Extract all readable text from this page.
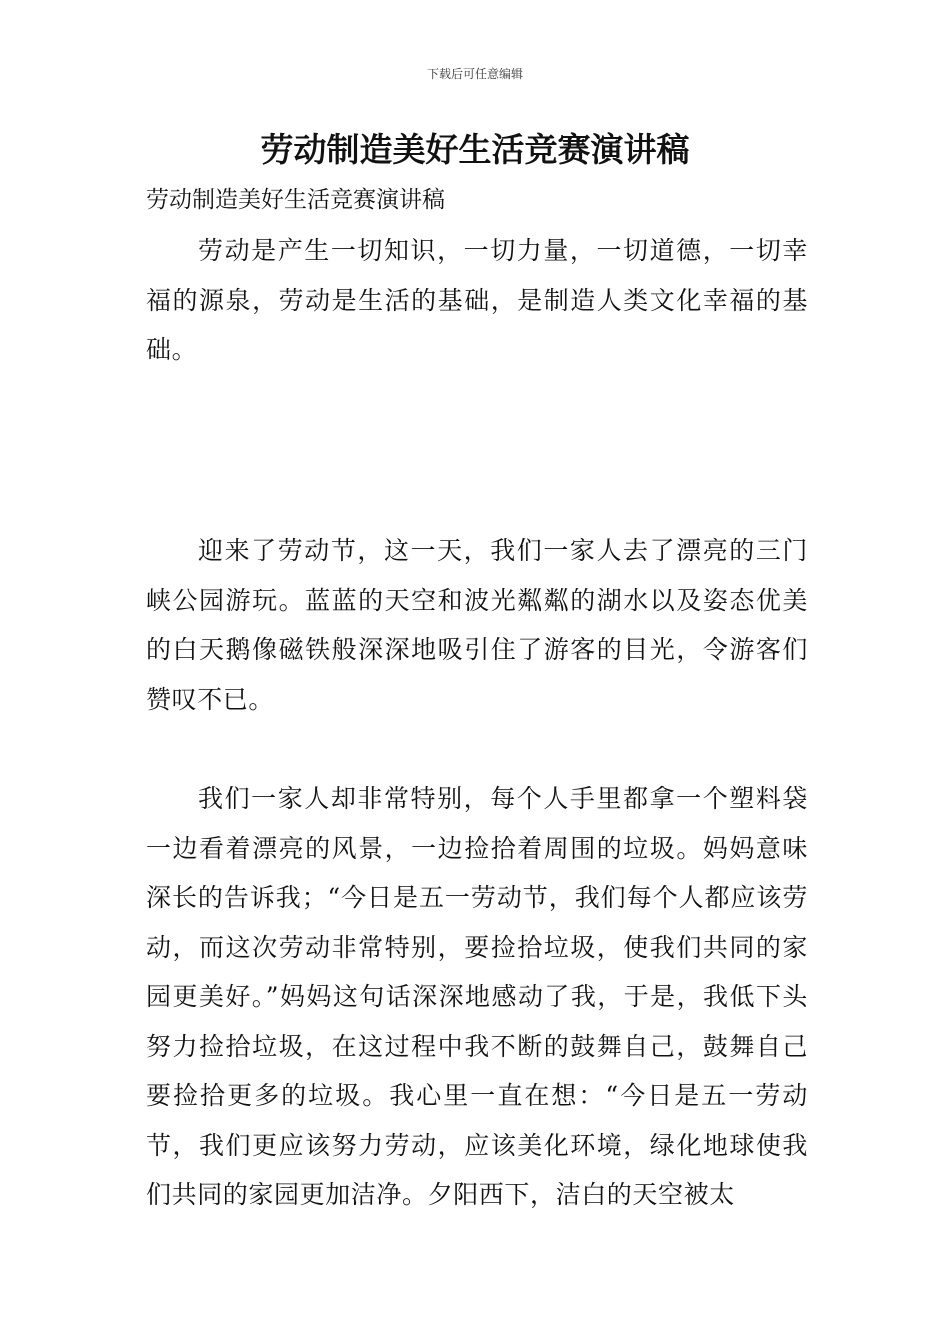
下载后可任意编辑
劳动制造美好生活竞赛演讲稿

劳动制造美好生活竞赛演讲稿

劳动是产生一切知识，一切力量，一切道德，一切幸福的源泉，劳动是生活的基础，是制造人类文化幸福的基础。

迎来了劳动节，这一天，我们一家人去了漂亮的三门峡公园游玩。蓝蓝的天空和波光粼粼的湖水以及姿态优美的白天鹅像磁铁般深深地吸引住了游客的目光，令游客们赞叹不已。

我们一家人却非常特别，每个人手里都拿一个塑料袋一边看着漂亮的风景，一边捡拾着周围的垃圾。妈妈意味深长的告诉我；“今日是五一劳动节，我们每个人都应该劳动，而这次劳动非常特别，要捡拾垃圾，使我们共同的家园更美好。”妈妈这句话深深地感动了我，于是，我低下头努力捡拾垃圾，在这过程中我不断的鼓舞自己，鼓舞自己要捡拾更多的垃圾。我心里一直在想：“今日是五一劳动节，我们更应该努力劳动，应该美化环境，绿化地球使我们共同的家园更加洁净。夕阳西下，洁白的天空被太
